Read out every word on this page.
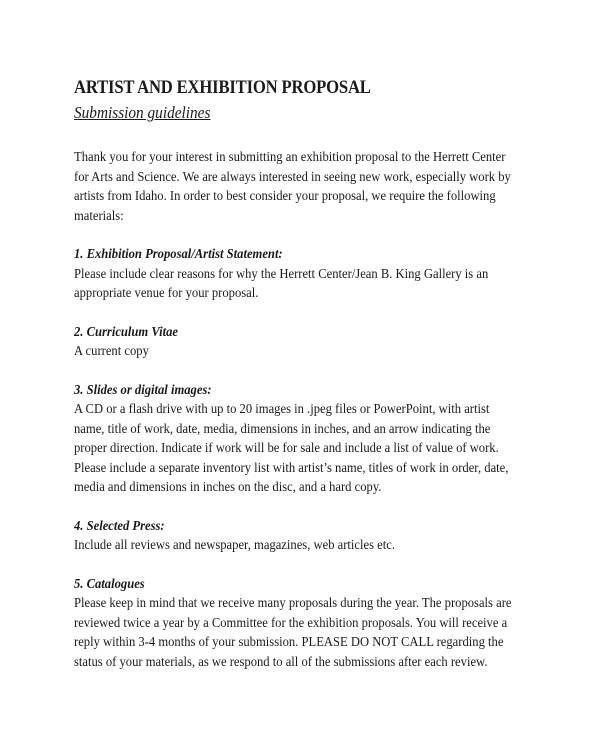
ARTIST AND EXHIBITION PROPOSAL
Submission guidelines

Thank you for your interest in submitting an exhibition proposal to the Herrett Center for Arts and Science. We are always interested in seeing new work, especially work by artists from Idaho. In order to best consider your proposal, we require the following materials:

1. Exhibition Proposal/Artist Statement:

Please include clear reasons for why the Herrett Center/Jean B. King Gallery is an appropriate venue for your proposal.

2. Curriculum Vitae

A current copy

3. Slides or digital images:

A CD or a flash drive with up to 20 images in .jpeg files or PowerPoint, with artist name, title of work, date, media, dimensions in inches, and an arrow indicating the proper direction. Indicate if work will be for sale and include a list of value of work. Please include a separate inventory list with artist’s name, titles of work in order, date, media and dimensions in inches on the disc, and a hard copy.

4. Selected Press:

Include all reviews and newspaper, magazines, web articles etc.

5. Catalogues

Please keep in mind that we receive many proposals during the year. The proposals are reviewed twice a year by a Committee for the exhibition proposals. You will receive a reply within 3-4 months of your submission. PLEASE DO NOT CALL regarding the status of your materials, as we respond to all of the submissions after each review.
